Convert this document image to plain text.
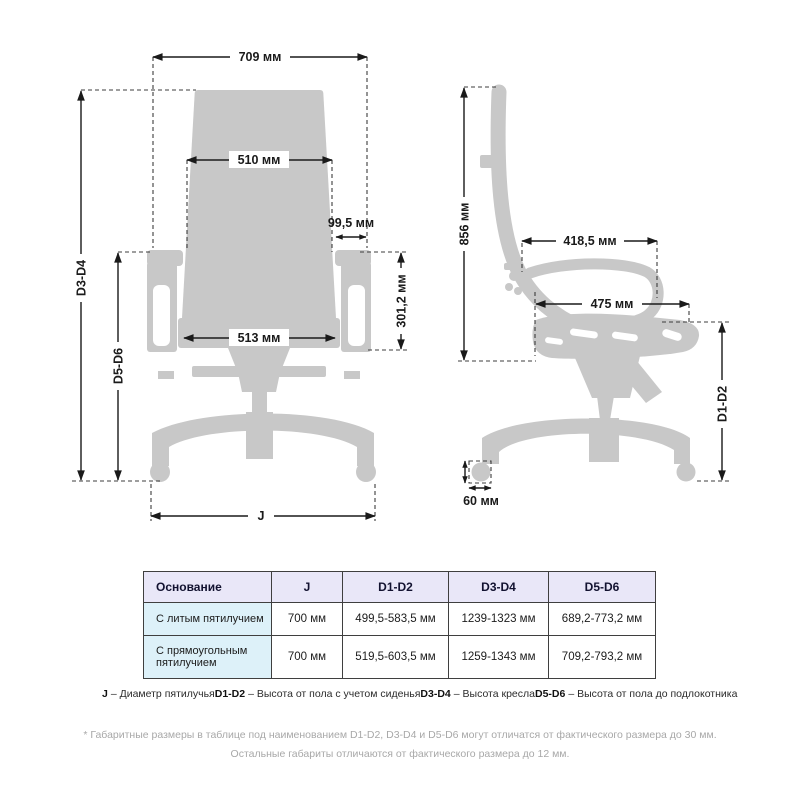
709 мм
510 мм
99,5 мм
301,2 мм
513 мм
D3-D4
D5-D6
J
856 мм	418,5 мм
475 мм
D1-D2
60 мм
Основание	J	D1-D2	D3-D4	D5-D6
С литым пятилучием	700 мм	499,5-583,5 мм	1239-1323 мм	689,2-773,2 мм
С прямоугольным пятилучием	700 мм	519,5-603,5 мм	1259-1343 мм	709,2-793,2 мм
J – Диаметр пятилучья D1-D2 – Высота от пола с учетом сиденья D3-D4 – Высота кресла D5-D6 – Высота от пола до подлокотника
* Габаритные размеры в таблице под наименованием D1-D2, D3-D4 и D5-D6 могут отличатся от фактического размера до 30 мм.
Остальные габариты отличаются от фактического размера до 12 мм.
